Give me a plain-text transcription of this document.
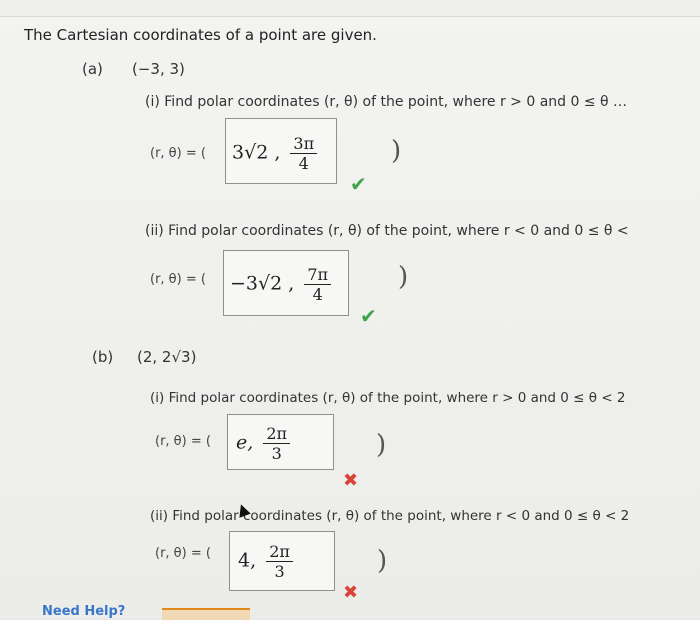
The Cartesian coordinates of a point are given.
(a) (−3, 3)
(i) Find polar coordinates (r, θ) of the point, where r > 0 and 0 ≤ θ …
(r, θ) = ( 3√2 , $\frac{3\pi}{4}$	)
✔
(ii) Find polar coordinates (r, θ) of the point, where r < 0 and 0 ≤ θ <
(r, θ) = ( −3√2 , $\frac{7\pi}{4}$	)
✔
(b) (2, 2√3)
(i) Find polar coordinates (r, θ) of the point, where r > 0 and 0 ≤ θ < 2
(r, θ) = ( e, $\frac{2\pi}{3}$	)
✖
(ii) Find polar coordinates (r, θ) of the point, where r < 0 and 0 ≤ θ < 2
(r, θ) = ( 4, $\frac{2\pi}{3}$	)
✖
Need Help?
